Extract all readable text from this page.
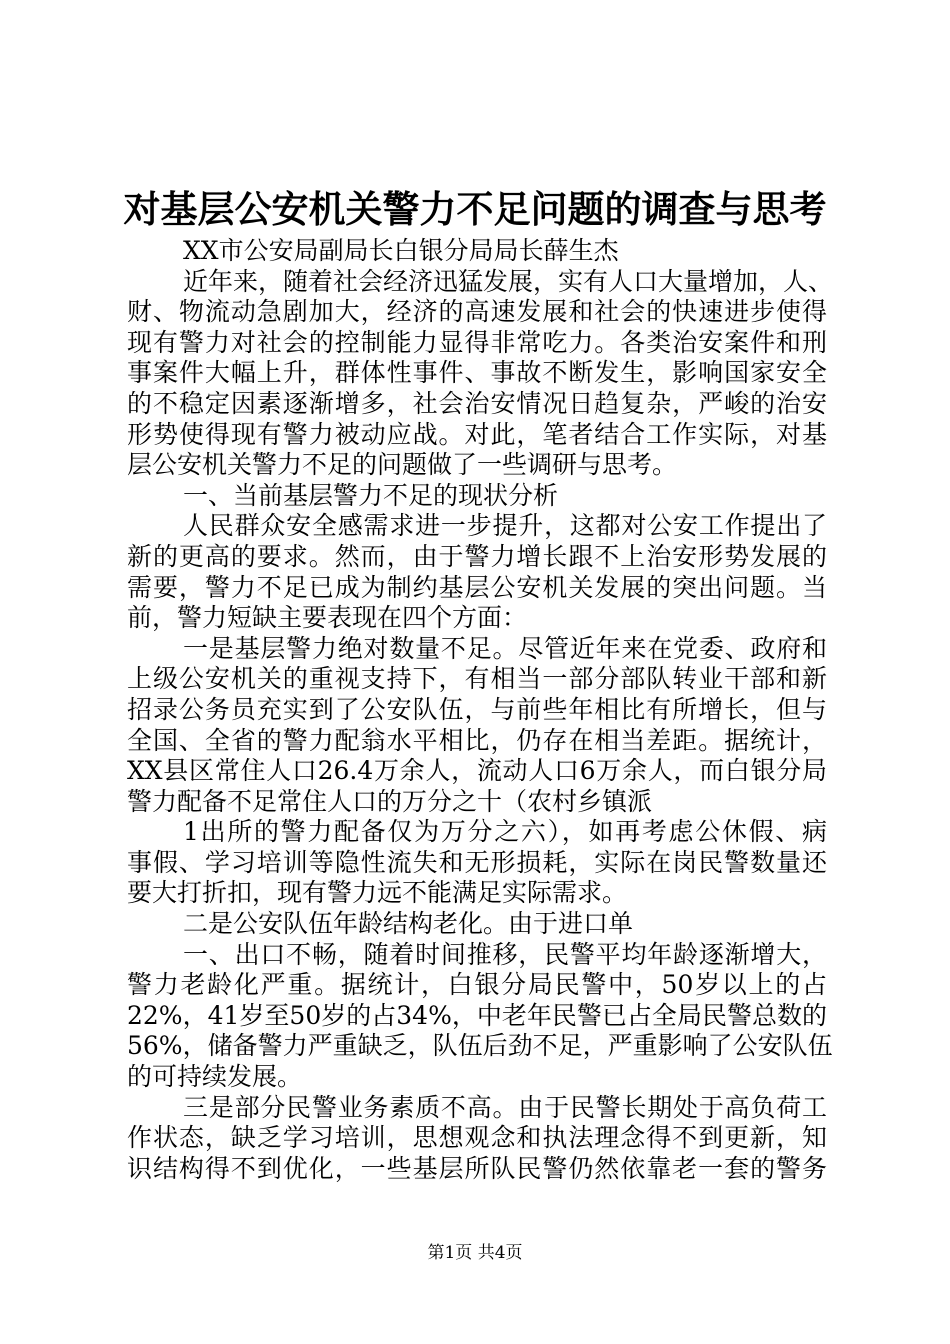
对基层公安机关警力不足问题的调查与思考
XX市公安局副局长白银分局局长薛生杰
近年来，随着社会经济迅猛发展，实有人口大量增加，人、
财、物流动急剧加大，经济的高速发展和社会的快速进步使得
现有警力对社会的控制能力显得非常吃力。各类治安案件和刑
事案件大幅上升，群体性事件、事故不断发生，影响国家安全
的不稳定因素逐渐增多，社会治安情况日趋复杂，严峻的治安
形势使得现有警力被动应战。对此，笔者结合工作实际，对基
层公安机关警力不足的问题做了一些调研与思考。
一、当前基层警力不足的现状分析
人民群众安全感需求进一步提升，这都对公安工作提出了
新的更高的要求。然而，由于警力增长跟不上治安形势发展的
需要，警力不足已成为制约基层公安机关发展的突出问题。当
前，警力短缺主要表现在四个方面：
一是基层警力绝对数量不足。尽管近年来在党委、政府和
上级公安机关的重视支持下，有相当一部分部队转业干部和新
招录公务员充实到了公安队伍，与前些年相比有所增长，但与
全国、全省的警力配翁水平相比，仍存在相当差距。据统计，
XX县区常住人口26.4万余人，流动人口6万余人，而白银分局
警力配备不足常住人口的万分之十（农村乡镇派
1出所的警力配备仅为万分之六），如再考虑公休假、病
事假、学习培训等隐性流失和无形损耗，实际在岗民警数量还
要大打折扣，现有警力远不能满足实际需求。
二是公安队伍年龄结构老化。由于进口单
一、出口不畅，随着时间推移，民警平均年龄逐渐增大，
警力老龄化严重。据统计，白银分局民警中，50岁以上的占
22%，41岁至50岁的占34%，中老年民警已占全局民警总数的
56%，储备警力严重缺乏，队伍后劲不足，严重影响了公安队伍
的可持续发展。
三是部分民警业务素质不高。由于民警长期处于高负荷工
作状态，缺乏学习培训，思想观念和执法理念得不到更新，知
识结构得不到优化，一些基层所队民警仍然依靠老一套的警务
第1页 共4页
